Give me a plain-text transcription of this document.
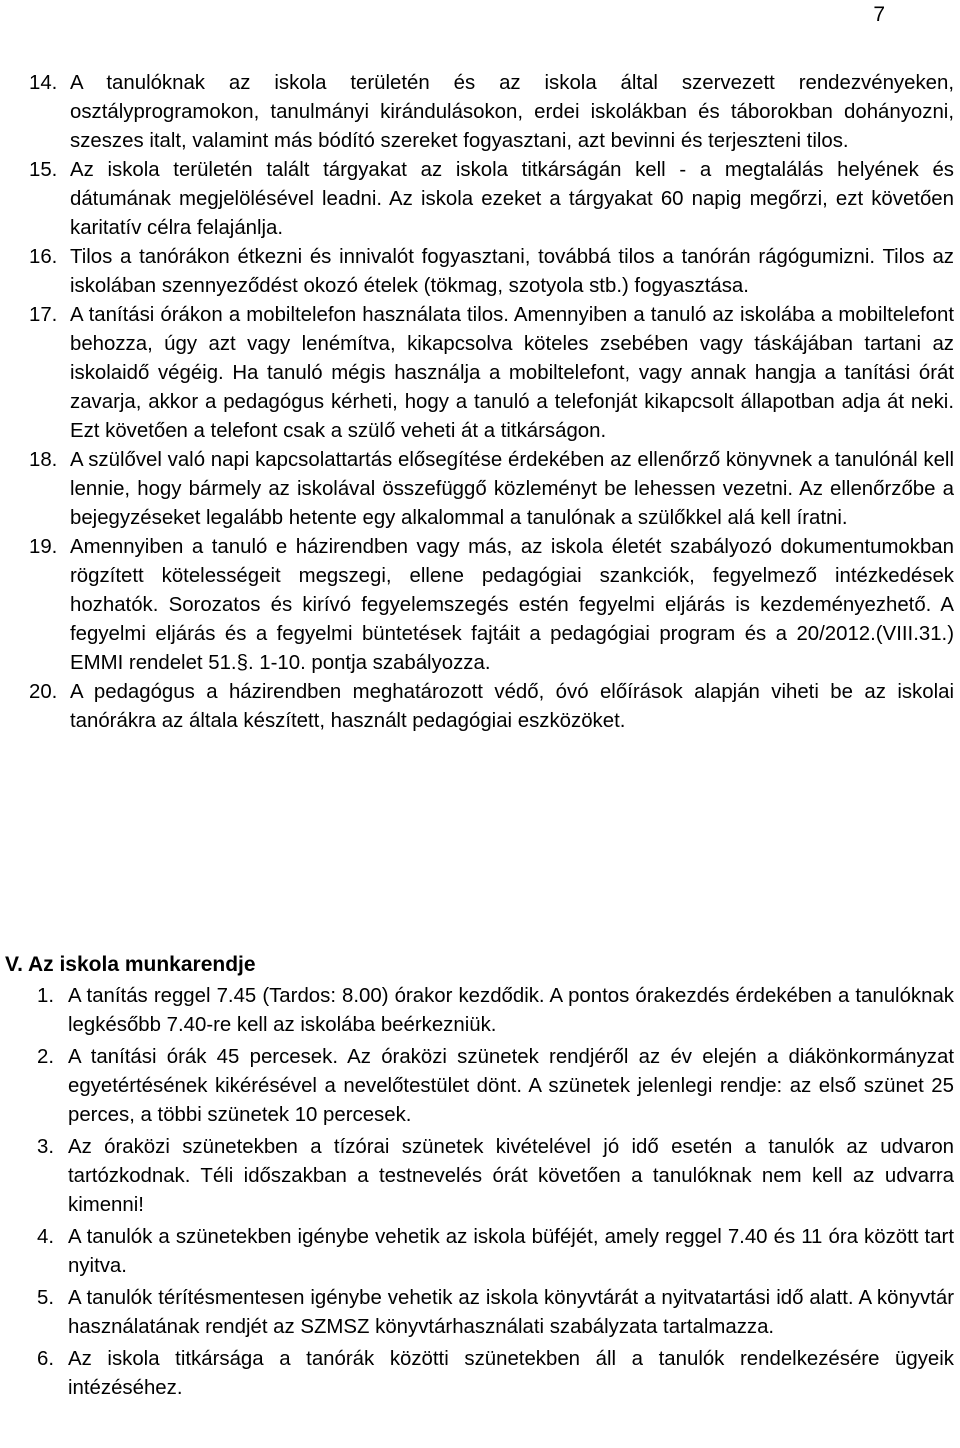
7
14. A tanulóknak az iskola területén és az iskola által szervezett rendezvényeken, osztályprogramokon, tanulmányi kirándulásokon, erdei iskolákban és táborokban dohányozni, szeszes italt, valamint más bódító szereket fogyasztani, azt bevinni és terjeszteni tilos.
15. Az iskola területén talált tárgyakat az iskola titkárságán kell - a megtalálás helyének és dátumának megjelölésével leadni. Az iskola ezeket a tárgyakat 60 napig megőrzi, ezt követően karitatív célra felajánlja.
16. Tilos a tanórákon étkezni és innivalót fogyasztani, továbbá tilos a tanórán rágógumizni. Tilos az iskolában szennyeződést okozó ételek (tökmag, szotyola stb.) fogyasztása.
17. A tanítási órákon a mobiltelefon használata tilos. Amennyiben a tanuló az iskolába a mobiltelefont behozza, úgy azt vagy lenémítva, kikapcsolva köteles zsebében vagy táskájában tartani az iskolaidő végéig. Ha tanuló mégis használja a mobiltelefont, vagy annak hangja a tanítási órát zavarja, akkor a pedagógus kérheti, hogy a tanuló a telefonját kikapcsolt állapotban adja át neki. Ezt követően a telefont csak a szülő veheti át a titkárságon.
18. A szülővel való napi kapcsolattartás elősegítése érdekében az ellenőrző könyvnek a tanulónál kell lennie, hogy bármely az iskolával összefüggő közleményt be lehessen vezetni. Az ellenőrzőbe a bejegyzéseket legalább hetente egy alkalommal a tanulónak a szülőkkel alá kell íratni.
19. Amennyiben a tanuló e házirendben vagy más, az iskola életét szabályozó dokumentumokban rögzített kötelességeit megszegi, ellene pedagógiai szankciók, fegyelmező intézkedések hozhatók. Sorozatos és kirívó fegyelemszegés estén fegyelmi eljárás is kezdeményezhető. A fegyelmi eljárás és a fegyelmi büntetések fajtáit a pedagógiai program és a 20/2012.(VIII.31.) EMMI rendelet 51.§. 1-10. pontja szabályozza.
20. A pedagógus a házirendben meghatározott védő, óvó előírások alapján viheti be az iskolai tanórákra az általa készített, használt pedagógiai eszközöket.
V. Az iskola munkarendje
1. A tanítás reggel 7.45 (Tardos: 8.00) órakor kezdődik. A pontos órakezdés érdekében a tanulóknak legkésőbb 7.40-re kell az iskolába beérkezniük.
2. A tanítási órák 45 percesek. Az óraközi szünetek rendjéről az év elején a diákönkormányzat egyetértésének kikérésével a nevelőtestület dönt. A szünetek jelenlegi rendje: az első szünet 25 perces, a többi szünetek 10 percesek.
3. Az óraközi szünetekben a tízórai szünetek kivételével jó idő esetén a tanulók az udvaron tartózkodnak. Téli időszakban a testnevelés órát követően a tanulóknak nem kell az udvarra kimenni!
4. A tanulók a szünetekben igénybe vehetik az iskola büféjét, amely reggel 7.40 és 11 óra között tart nyitva.
5. A tanulók térítésmentesen igénybe vehetik az iskola könyvtárát a nyitvatartási idő alatt. A könyvtár használatának rendjét az SZMSZ könyvtárhasználati szabályzata tartalmazza.
6. Az iskola titkársága a tanórák közötti szünetekben áll a tanulók rendelkezésére ügyeik intézéséhez.
